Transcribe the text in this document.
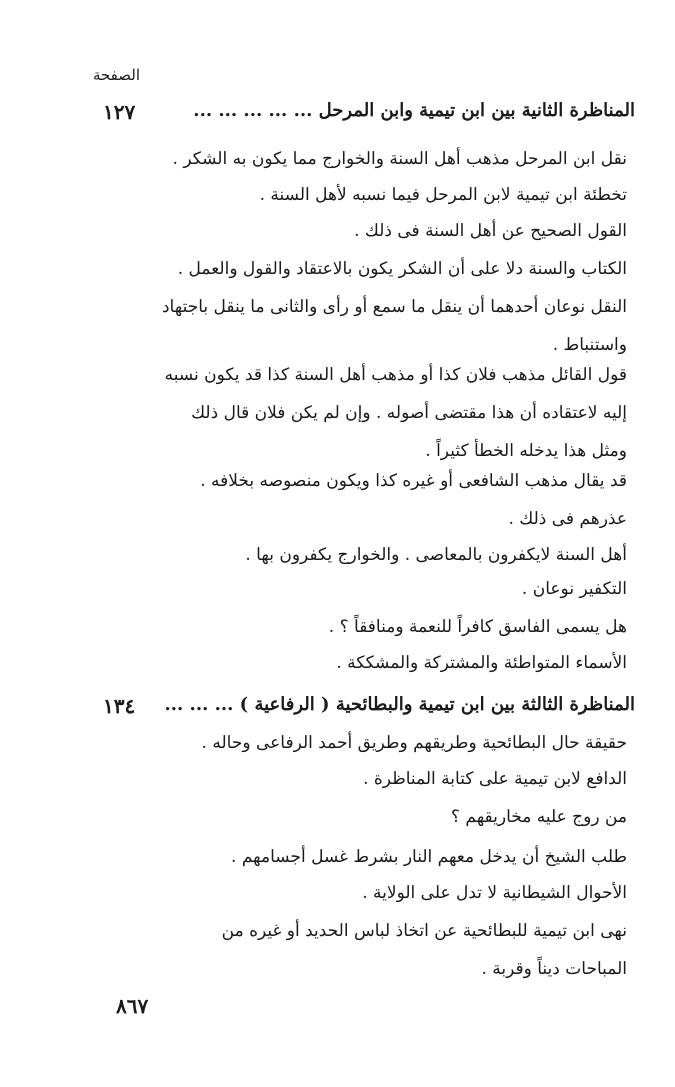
الصفحة
المناظرة الثانية بين ابن تيمية وابن المرحل ... ... ... ... ...
١٢٧
نقل ابن المرحل مذهب أهل السنة والخوارج مما يكون به الشكر .
تخطئة ابن تيمية لابن المرحل فيما نسبه لأهل السنة .
القول الصحيح عن أهل السنة فى ذلك .
الكتاب والسنة دلا على أن الشكر يكون بالاعتقاد والقول والعمل .
النقل نوعان أحدهما أن ينقل ما سمع أو رأى والثانى ما ينقل باجتهاد واستنباط .
قول القائل مذهب فلان كذا أو مذهب أهل السنة كذا قد يكون نسبه إليه لاعتقاده أن هذا مقتضى أصوله . وإن لم يكن فلان قال ذلك ومثل هذا يدخله الخطأ كثيراً .
قد يقال مذهب الشافعى أو غيره كذا ويكون منصوصه بخلافه .
عذرهم فى ذلك .
أهل السنة لايكفرون بالمعاصى . والخوارج يكفرون بها .
التكفير نوعان .
هل يسمى الفاسق كافراً للنعمة ومنافقاً ؟ .
الأسماء المتواطئة والمشتركة والمشككة .
المناظرة الثالثة بين ابن تيمية والبطائحية ( الرفاعية ) ... ... ...
١٣٤
حقيقة حال البطائحية وطريقهم وطريق أحمد الرفاعى وحاله .
الدافع لابن تيمية على كتابة المناظرة .
من روج عليه مخاريقهم ؟
طلب الشيخ أن يدخل معهم النار بشرط غسل أجسامهم .
الأحوال الشيطانية لا تدل على الولاية .
نهى ابن تيمية للبطائحية عن اتخاذ لباس الحديد أو غيره من المباحات ديناً وقربة .
٨٦٧
